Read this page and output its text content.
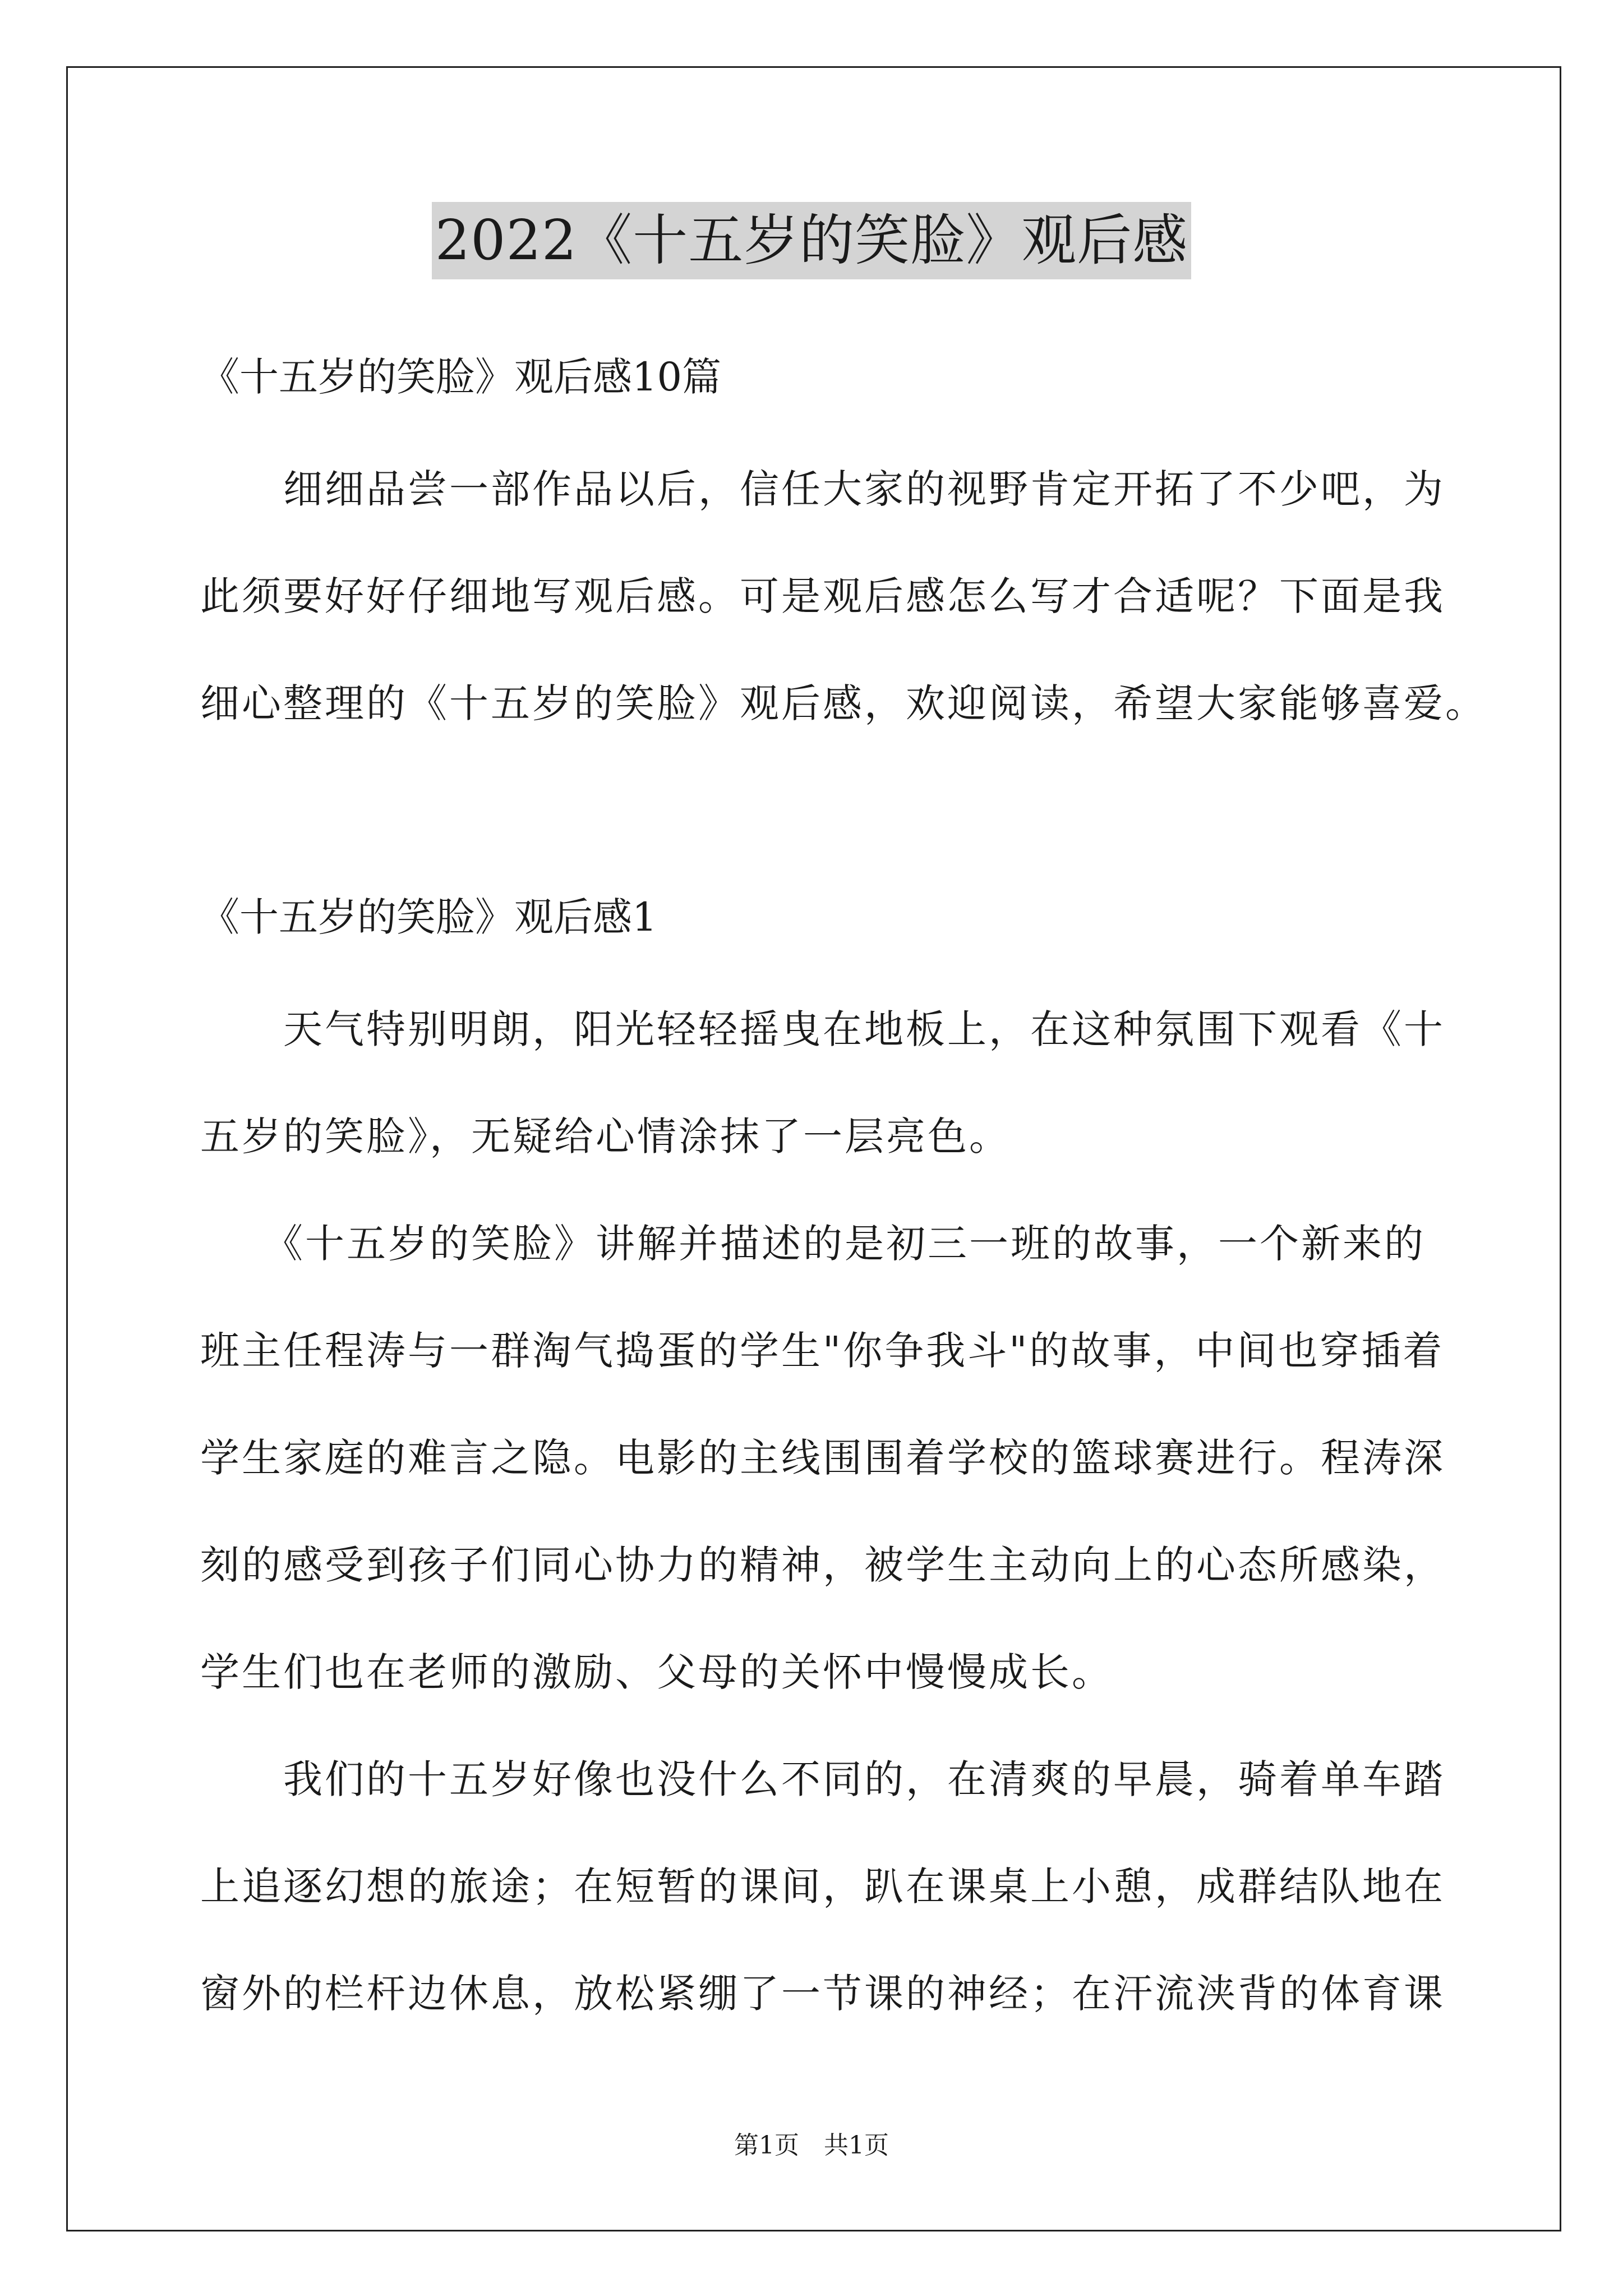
2022《十五岁的笑脸》观后感
《十五岁的笑脸》观后感10篇
　　细细品尝一部作品以后，信任大家的视野肯定开拓了不少吧，为
此须要好好仔细地写观后感。可是观后感怎么写才合适呢？下面是我
细心整理的《十五岁的笑脸》观后感，欢迎阅读，希望大家能够喜爱。
《十五岁的笑脸》观后感1
　　天气特别明朗，阳光轻轻摇曳在地板上，在这种氛围下观看《十
五岁的笑脸》，无疑给心情涂抹了一层亮色。
　　《十五岁的笑脸》讲解并描述的是初三一班的故事，一个新来的
班主任程涛与一群淘气捣蛋的学生"你争我斗"的故事，中间也穿插着
学生家庭的难言之隐。电影的主线围围着学校的篮球赛进行。程涛深
刻的感受到孩子们同心协力的精神，被学生主动向上的心态所感染，
学生们也在老师的激励、父母的关怀中慢慢成长。
　　我们的十五岁好像也没什么不同的，在清爽的早晨，骑着单车踏
上追逐幻想的旅途；在短暂的课间，趴在课桌上小憩，成群结队地在
窗外的栏杆边休息，放松紧绷了一节课的神经；在汗流浃背的体育课
第1页　共1页
